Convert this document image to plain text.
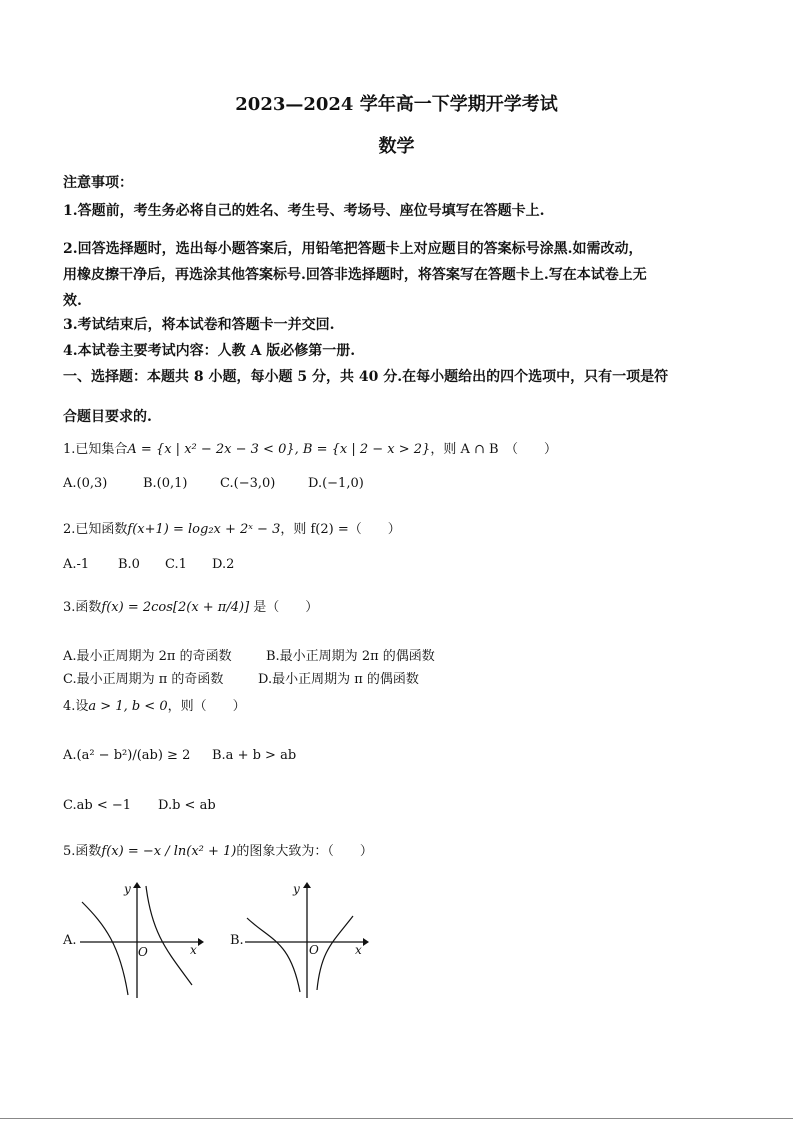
2023—2024 学年高一下学期开学考试
数学
注意事项：
1.答题前，考生务必将自己的姓名、考生号、考场号、座位号填写在答题卡上.
2.回答选择题时，选出每小题答案后，用铅笔把答题卡上对应题目的答案标号涂黑.如需改动，
用橡皮擦干净后，再选涂其他答案标号.回答非选择题时，将答案写在答题卡上.写在本试卷上无
效.
3.考试结束后，将本试卷和答题卡一并交回.
4.本试卷主要考试内容：人教 A 版必修第一册.
一、选择题：本题共 8 小题，每小题 5 分，共 40 分.在每小题给出的四个选项中，只有一项是符
合题目要求的.
1.已知集合A = {x | x² − 2x − 3 < 0}, B = {x | 2 − x > 2}，则 A ∩ B　（　　）
A.(0,3)	B.(0,1) C.(−3,0)	D.(−1,0)
2.已知函数f(x+1) = log₂x + 2ˣ − 3，则 f(2) =（　　）
A.-1 B.0 C.1 D.2
3.函数f(x) = 2cos[2(x + π/4)] 是（　　）
A.最小正周期为 2π 的奇函数	B.最小正周期为 2π 的偶函数
C.最小正周期为 π 的奇函数	D.最小正周期为 π 的偶函数
4.设a > 1, b < 0，则（　　）
A.(a² − b²)/(ab) ≥ 2 B.a + b > ab
C.ab < −1 D.b < ab
5.函数f(x) = −x / ln(x² + 1)的图象大致为：（　　）
A.
y
x
O
B.
y
x
O
